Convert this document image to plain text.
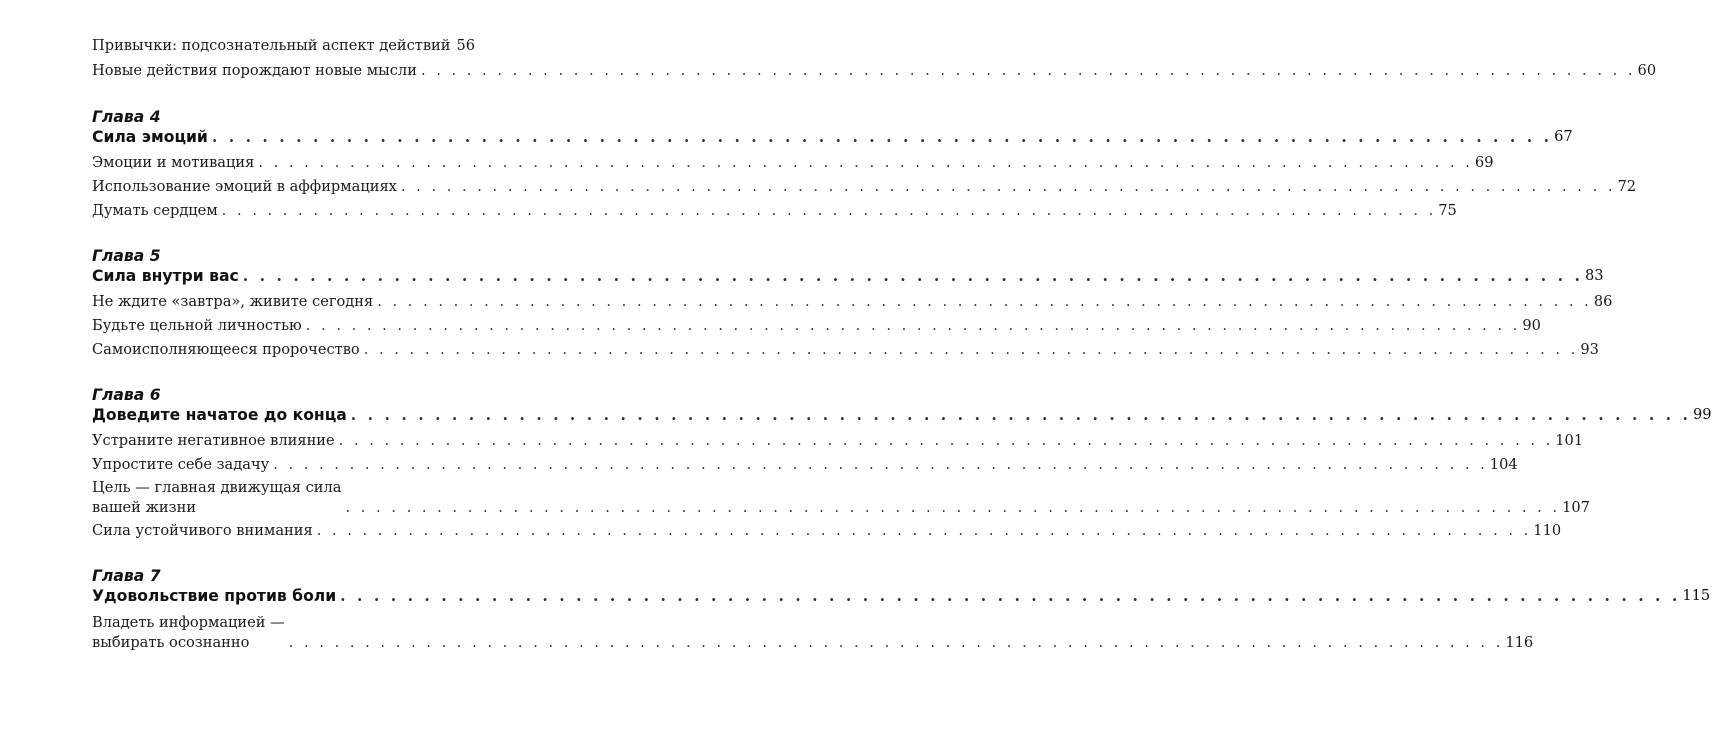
Привычки: подсознательный аспект действий 56
Новые действия порождают новые мысли . . . . . . . . . . . . . . . . . . . . . . . . . . . . . . . . . . . . . . . . . . . . . . . . . . . . . . . . . . . . . . . . . . . . . . . . . . . . . . . . 60
Глава 4
Сила эмоций . . . . . . . . . . . . . . . . . . . . . . . . . . . . . . . . . . . . . . . . . . . . . . . . . . . . . . . . . . . . . . . . . . . . . . . . . . . . . . . . 67
Эмоции и мотивация . . . . . . . . . . . . . . . . . . . . . . . . . . . . . . . . . . . . . . . . . . . . . . . . . . . . . . . . . . . . . . . . . . . . . . . . . . . . . . . . 69
Использование эмоций в аффирмациях . . . . . . . . . . . . . . . . . . . . . . . . . . . . . . . . . . . . . . . . . . . . . . . . . . . . . . . . . . . . . . . . . . . . . . . . . . . . . . . . 72
Думать сердцем . . . . . . . . . . . . . . . . . . . . . . . . . . . . . . . . . . . . . . . . . . . . . . . . . . . . . . . . . . . . . . . . . . . . . . . . . . . . . . . . 75
Глава 5
Сила внутри вас . . . . . . . . . . . . . . . . . . . . . . . . . . . . . . . . . . . . . . . . . . . . . . . . . . . . . . . . . . . . . . . . . . . . . . . . . . . . . . . . 83
Не ждите «завтра», живите сегодня . . . . . . . . . . . . . . . . . . . . . . . . . . . . . . . . . . . . . . . . . . . . . . . . . . . . . . . . . . . . . . . . . . . . . . . . . . . . . . . . 86
Будьте цельной личностью . . . . . . . . . . . . . . . . . . . . . . . . . . . . . . . . . . . . . . . . . . . . . . . . . . . . . . . . . . . . . . . . . . . . . . . . . . . . . . . . 90
Самоисполняющееся пророчество . . . . . . . . . . . . . . . . . . . . . . . . . . . . . . . . . . . . . . . . . . . . . . . . . . . . . . . . . . . . . . . . . . . . . . . . . . . . . . . . 93
Глава 6
Доведите начатое до конца . . . . . . . . . . . . . . . . . . . . . . . . . . . . . . . . . . . . . . . . . . . . . . . . . . . . . . . . . . . . . . . . . . . . . . . . . . . . . . . . 99
Устраните негативное влияние . . . . . . . . . . . . . . . . . . . . . . . . . . . . . . . . . . . . . . . . . . . . . . . . . . . . . . . . . . . . . . . . . . . . . . . . . . . . . . . . 101
Упростите себе задачу . . . . . . . . . . . . . . . . . . . . . . . . . . . . . . . . . . . . . . . . . . . . . . . . . . . . . . . . . . . . . . . . . . . . . . . . . . . . . . . . 104
Цель — главная движущая сила
вашей жизни	. . . . . . . . . . . . . . . . . . . . . . . . . . . . . . . . . . . . . . . . . . . . . . . . . . . . . . . . . . . . . . . . . . . . . . . . . . . . . . . . 107
Сила устойчивого внимания . . . . . . . . . . . . . . . . . . . . . . . . . . . . . . . . . . . . . . . . . . . . . . . . . . . . . . . . . . . . . . . . . . . . . . . . . . . . . . . . 110
Глава 7
Удовольствие против боли . . . . . . . . . . . . . . . . . . . . . . . . . . . . . . . . . . . . . . . . . . . . . . . . . . . . . . . . . . . . . . . . . . . . . . . . . . . . . . . . 115
Владеть информацией —
выбирать осознанно	. . . . . . . . . . . . . . . . . . . . . . . . . . . . . . . . . . . . . . . . . . . . . . . . . . . . . . . . . . . . . . . . . . . . . . . . . . . . . . . . 116
